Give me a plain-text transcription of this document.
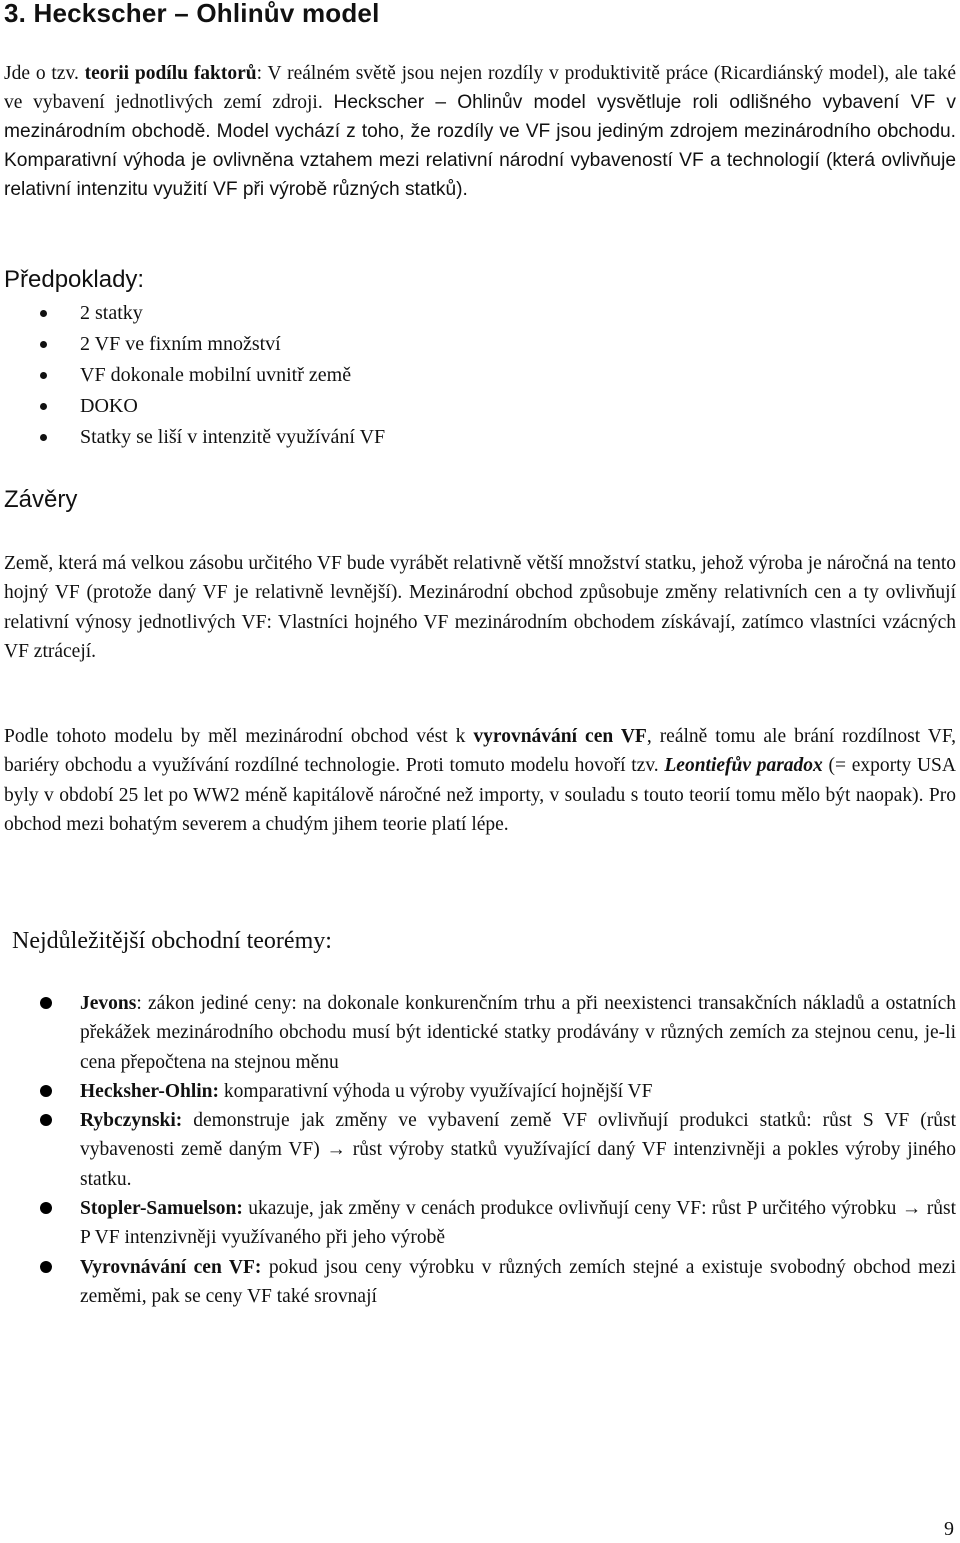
3. Heckscher – Ohlinův model

Jde o tzv. teorii podílu faktorů: V reálném světě jsou nejen rozdíly v produktivitě práce (Ricardiánský model), ale také ve vybavení jednotlivých zemí zdroji. Heckscher – Ohlinův model vysvětluje roli odlišného vybavení VF v mezinárodním obchodě. Model vychází z toho, že rozdíly ve VF jsou jediným zdrojem mezinárodního obchodu. Komparativní výhoda je ovlivněna vztahem mezi relativní národní vybaveností VF a technologií (která ovlivňuje relativní intenzitu využití VF při výrobě různých statků).

Předpoklady:
2 statky
2 VF ve fixním množství
VF dokonale mobilní uvnitř země
DOKO
Statky se liší v intenzitě využívání VF
Závěry

Země, která má velkou zásobu určitého VF bude vyrábět relativně větší množství statku, jehož výroba je náročná na tento hojný VF (protože daný VF je relativně levnější). Mezinárodní obchod způsobuje změny relativních cen a ty ovlivňují relativní výnosy jednotlivých VF: Vlastníci hojného VF mezinárodním obchodem získávají, zatímco vlastníci vzácných VF ztrácejí.

Podle tohoto modelu by měl mezinárodní obchod vést k vyrovnávání cen VF, reálně tomu ale brání rozdílnost VF, bariéry obchodu a využívání rozdílné technologie. Proti tomuto modelu hovoří tzv. Leontiefův paradox (= exporty USA byly v období 25 let po WW2 méně kapitálově náročné než importy, v souladu s touto teorií tomu mělo být naopak). Pro obchod mezi bohatým severem a chudým jihem teorie platí lépe.

Nejdůležitější obchodní teorémy:
Jevons: zákon jediné ceny: na dokonale konkurenčním trhu a při neexistenci transakčních nákladů a ostatních překážek mezinárodního obchodu musí být identické statky prodávány v různých zemích za stejnou cenu, je-li cena přepočtena na stejnou měnu
Hecksher-Ohlin: komparativní výhoda u výroby využívající hojnější VF
Rybczynski: demonstruje jak změny ve vybavení země VF ovlivňují produkci statků: růst S VF (růst vybavenosti země daným VF) → růst výroby statků využívající daný VF intenzivněji a pokles výroby jiného statku.
Stopler-Samuelson: ukazuje, jak změny v cenách produkce ovlivňují ceny VF: růst P určitého výrobku → růst P VF intenzivněji využívaného při jeho výrobě
Vyrovnávání cen VF: pokud jsou ceny výrobku v různých zemích stejné a existuje svobodný obchod mezi zeměmi, pak se ceny VF také srovnají
9
